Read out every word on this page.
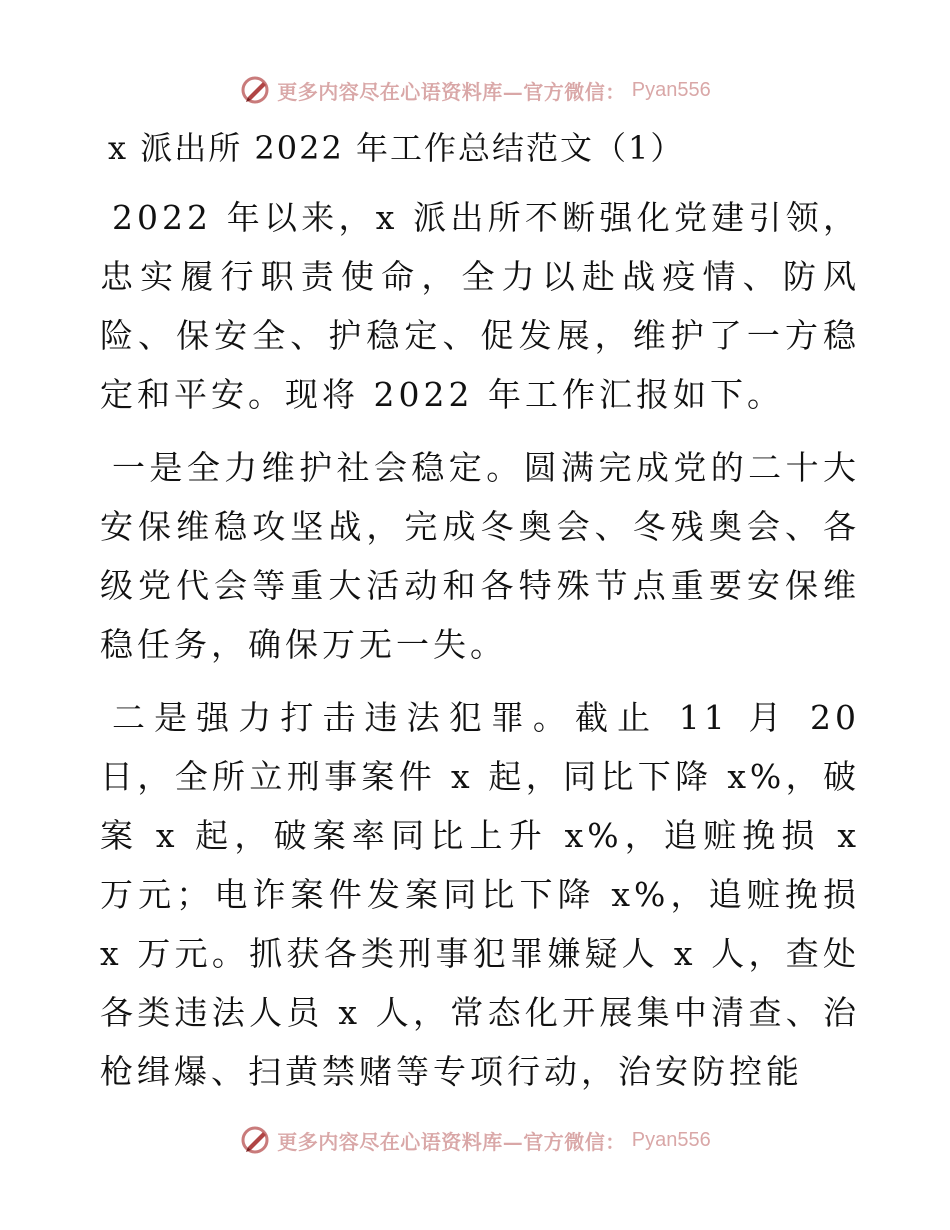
更多内容尽在心语资料库—官方微信： Pyan556
x 派出所 2022 年工作总结范文（1）

2022 年以来，x 派出所不断强化党建引领，忠实履行职责使命，全力以赴战疫情、防风险、保安全、护稳定、促发展，维护了一方稳定和平安。现将 2022 年工作汇报如下。

一是全力维护社会稳定。圆满完成党的二十大安保维稳攻坚战，完成冬奥会、冬残奥会、各级党代会等重大活动和各特殊节点重要安保维稳任务，确保万无一失。

二是强力打击违法犯罪。截止 11 月 20 日，全所立刑事案件 x 起，同比下降 x%，破案 x 起，破案率同比上升 x%，追赃挽损 x 万元；电诈案件发案同比下降 x%，追赃挽损 x 万元。抓获各类刑事犯罪嫌疑人 x 人，查处各类违法人员 x 人，常态化开展集中清查、治枪缉爆、扫黄禁赌等专项行动，治安防控能

更多内容尽在心语资料库—官方微信： Pyan556
